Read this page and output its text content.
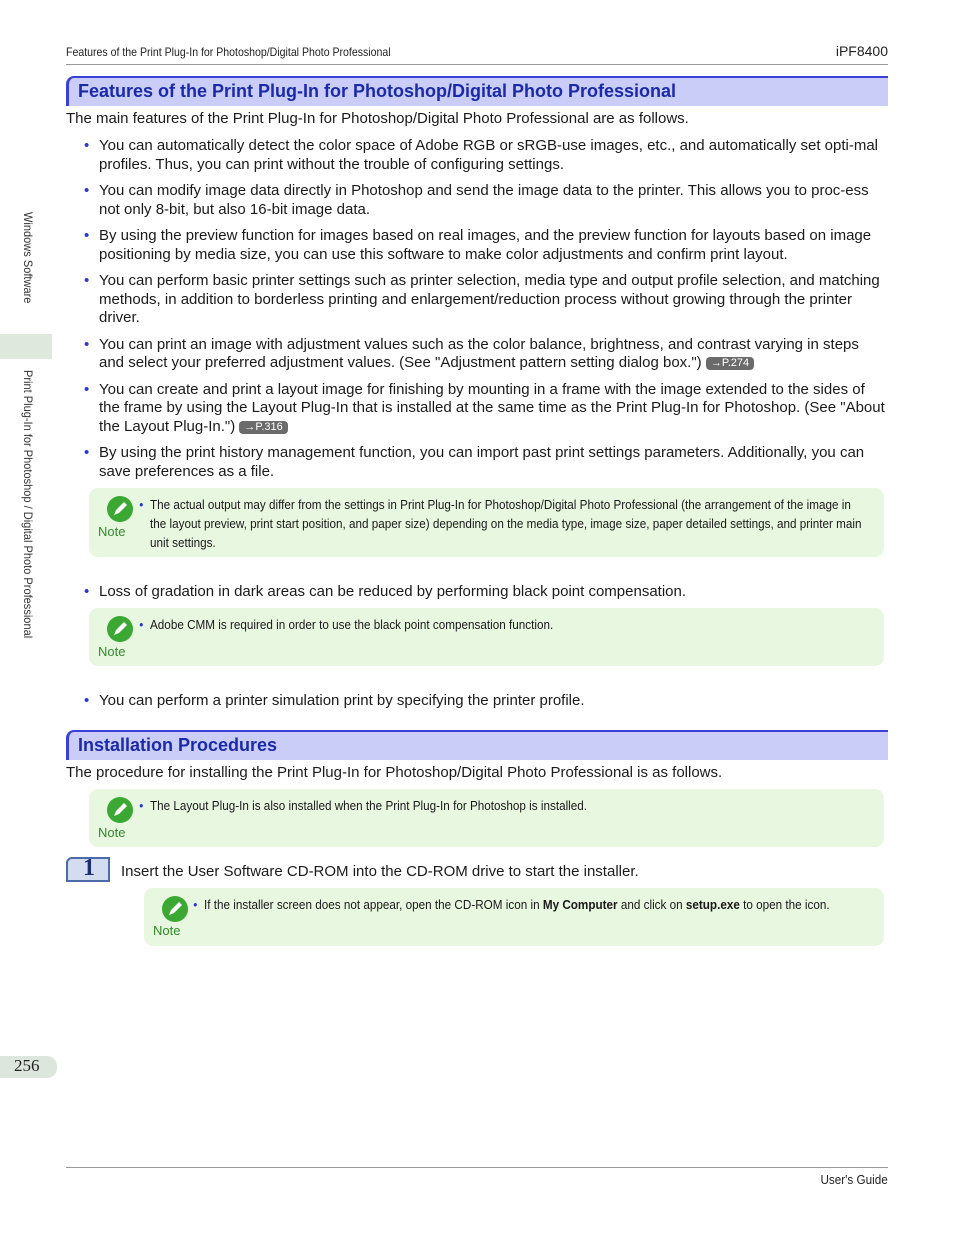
Features of the Print Plug-In for Photoshop/Digital Photo Professional	iPF8400
Windows Software
Print Plug-In for Photoshop / Digital Photo Professional
Features of the Print Plug-In for Photoshop/Digital Photo Professional
The main features of the Print Plug-In for Photoshop/Digital Photo Professional are as follows.

• You can automatically detect the color space of Adobe RGB or sRGB-use images, etc., and automatically set opti-mal profiles. Thus, you can print without the trouble of configuring settings.

• You can modify image data directly in Photoshop and send the image data to the printer. This allows you to proc-ess not only 8-bit, but also 16-bit image data.

• By using the preview function for images based on real images, and the preview function for layouts based on image positioning by media size, you can use this software to make color adjustments and confirm print layout.

• You can perform basic printer settings such as printer selection, media type and output profile selection, and matching methods, in addition to borderless printing and enlargement/reduction process without growing through the printer driver.

• You can print an image with adjustment values such as the color balance, brightness, and contrast varying in steps and select your preferred adjustment values. (See "Adjustment pattern setting dialog box.") →P.274

• You can create and print a layout image for finishing by mounting in a frame with the image extended to the sides of the frame by using the Layout Plug-In that is installed at the same time as the Print Plug-In for Photoshop. (See "About the Layout Plug-In.") →P.316

• By using the print history management function, you can import past print settings parameters. Additionally, you can save preferences as a file.

Note
• The actual output may differ from the settings in Print Plug-In for Photoshop/Digital Photo Professional (the arrangement of the image in the layout preview, print start position, and paper size) depending on the media type, image size, paper detailed settings, and printer main unit settings.

• Loss of gradation in dark areas can be reduced by performing black point compensation.

Note
• Adobe CMM is required in order to use the black point compensation function.

• You can perform a printer simulation print by specifying the printer profile.

Installation Procedures
The procedure for installing the Print Plug-In for Photoshop/Digital Photo Professional is as follows.
Note
• The Layout Plug-In is also installed when the Print Plug-In for Photoshop is installed.
1 Insert the User Software CD-ROM into the CD-ROM drive to start the installer.
Note
• If the installer screen does not appear, open the CD-ROM icon in My Computer and click on setup.exe to open the icon.
256
User's Guide
